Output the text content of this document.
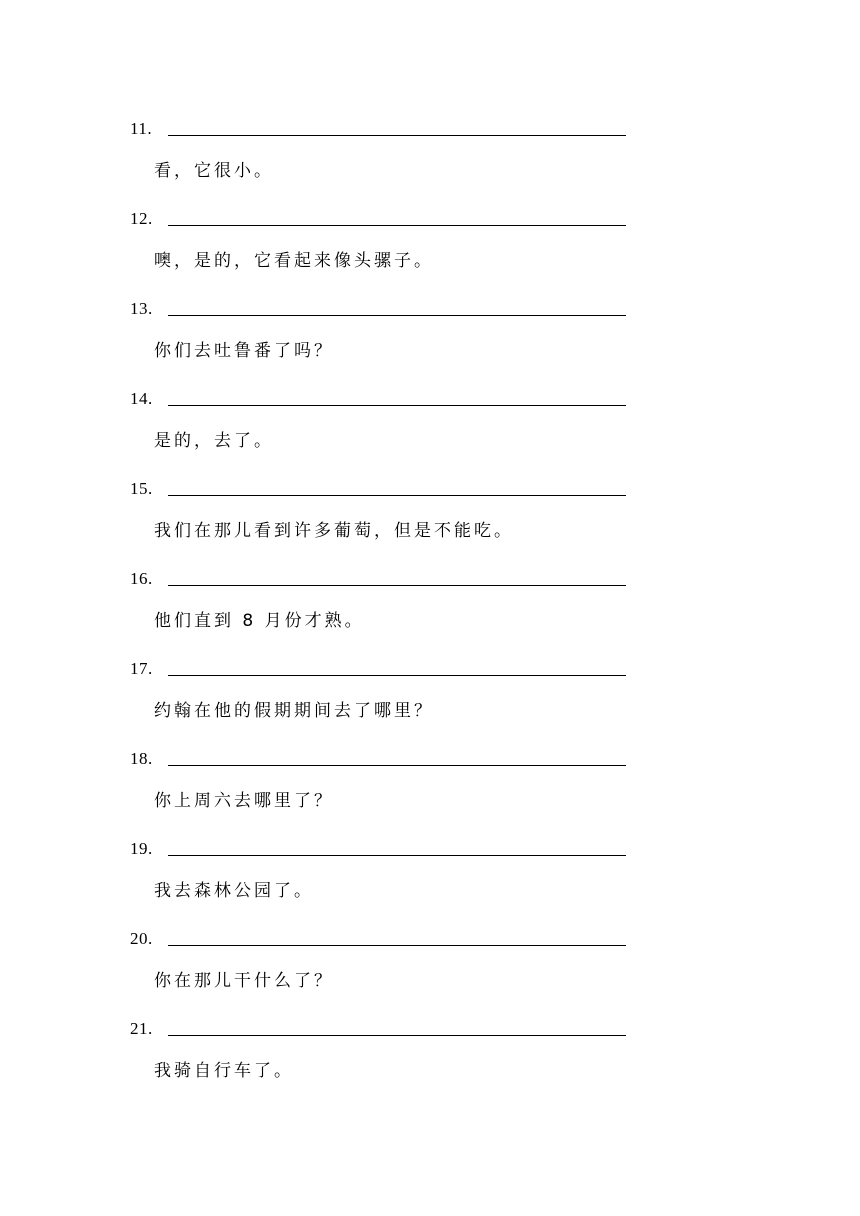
11.
看，它很小。
12.
噢，是的，它看起来像头骡子。
13.
你们去吐鲁番了吗？
14.
是的，去了。
15.
我们在那儿看到许多葡萄，但是不能吃。
16.
他们直到 8 月份才熟。
17.
约翰在他的假期期间去了哪里？
18.
你上周六去哪里了？
19.
我去森林公园了。
20.
你在那儿干什么了？
21.
我骑自行车了。
